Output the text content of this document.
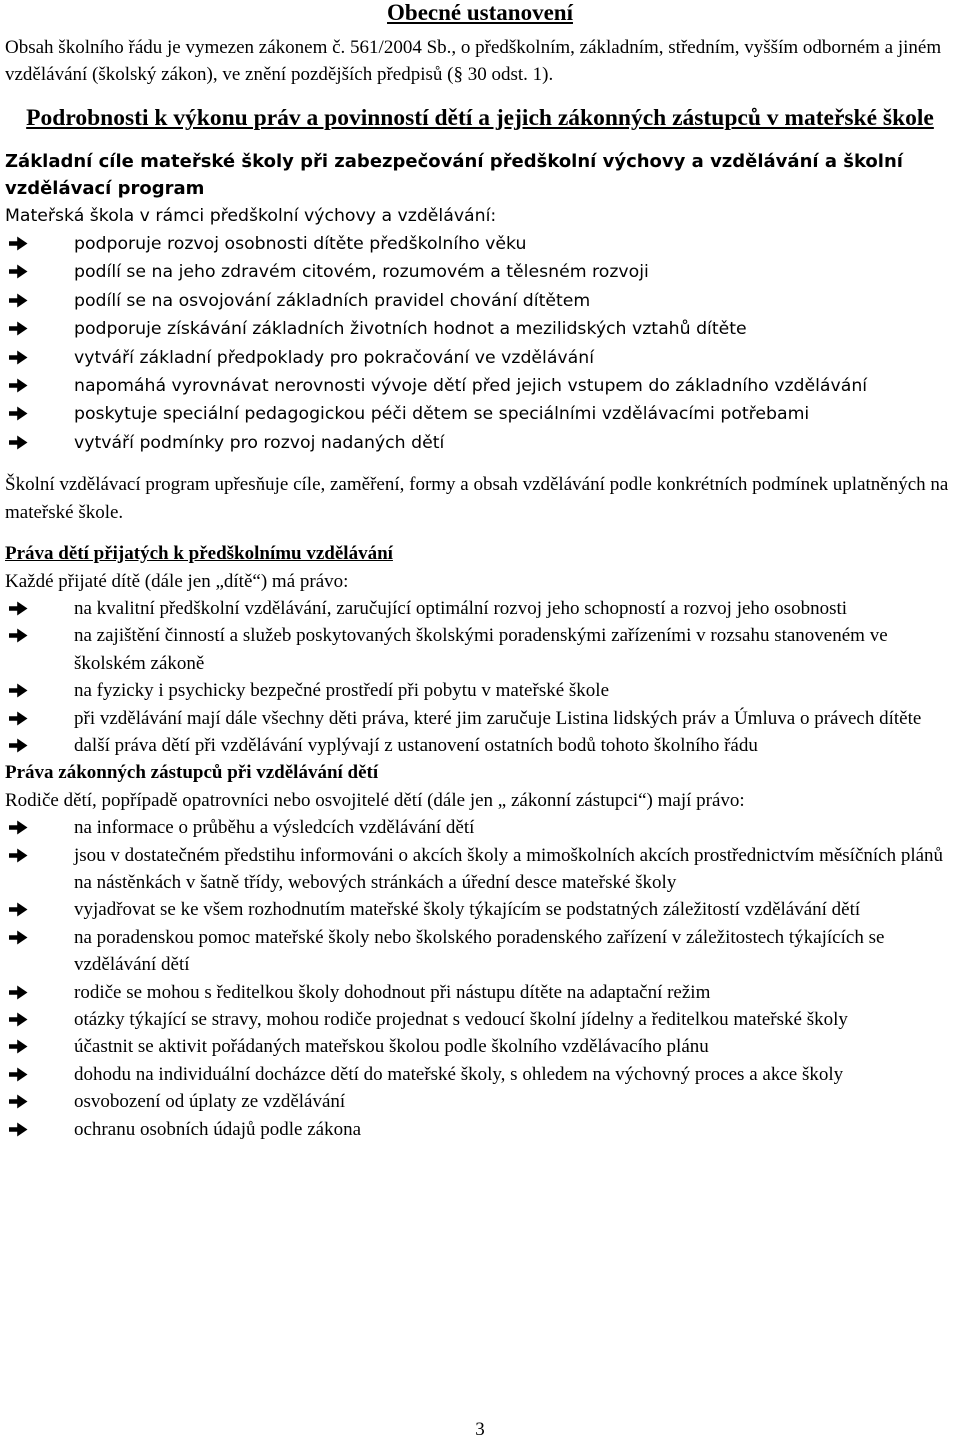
Obecné ustanovení

Obsah školního řádu je vymezen zákonem č. 561/2004 Sb., o předškolním, základním, středním, vyšším odborném a jiném vzdělávání (školský zákon), ve znění pozdějších předpisů (§ 30 odst. 1).

Podrobnosti k výkonu práv a povinností dětí a jejich zákonných zástupců v mateřské škole

Základní cíle mateřské školy při zabezpečování předškolní výchovy a vzdělávání a školní vzdělávací program

Mateřská škola v rámci předškolní výchovy a vzdělávání:

podporuje rozvoj osobnosti dítěte předškolního věku
podílí se na jeho zdravém citovém, rozumovém a tělesném rozvoji
podílí se na osvojování základních pravidel chování dítětem
podporuje získávání základních životních hodnot a mezilidských vztahů dítěte
vytváří základní předpoklady pro pokračování ve vzdělávání
napomáhá vyrovnávat nerovnosti vývoje dětí před jejich vstupem do základního vzdělávání
poskytuje speciální pedagogickou péči dětem se speciálními vzdělávacími potřebami
vytváří podmínky pro rozvoj nadaných dětí

Školní vzdělávací program upřesňuje cíle, zaměření, formy a obsah vzdělávání podle konkrétních podmínek uplatněných na mateřské škole.

Práva dětí přijatých k předškolnímu vzdělávání

Každé přijaté dítě (dále jen „dítě“) má právo:

na kvalitní předškolní vzdělávání, zaručující optimální rozvoj jeho schopností a rozvoj jeho osobnosti
na zajištění činností a služeb poskytovaných školskými poradenskými zařízeními v rozsahu stanoveném ve školském zákoně
na fyzicky i psychicky bezpečné prostředí při pobytu v mateřské škole
při vzdělávání mají dále všechny děti práva, které jim zaručuje Listina lidských práv a Úmluva o právech dítěte
další práva dětí při vzdělávání vyplývají z ustanovení ostatních bodů tohoto školního řádu

Práva zákonných zástupců při vzdělávání dětí

Rodiče dětí, popřípadě opatrovníci nebo osvojitelé dětí (dále jen „ zákonní zástupci“) mají právo:

na informace o průběhu a výsledcích vzdělávání dětí
jsou v dostatečném předstihu informováni o akcích školy a mimoškolních akcích prostřednictvím měsíčních plánů na nástěnkách v šatně třídy, webových stránkách a úřední desce mateřské školy
vyjadřovat se ke všem rozhodnutím mateřské školy týkajícím se podstatných záležitostí vzdělávání dětí
na poradenskou pomoc mateřské školy nebo školského poradenského zařízení v záležitostech týkajících se vzdělávání dětí
rodiče se mohou s ředitelkou školy dohodnout při nástupu dítěte na adaptační režim
otázky týkající se stravy, mohou rodiče projednat s vedoucí školní jídelny a ředitelkou mateřské školy
účastnit se aktivit pořádaných mateřskou školou podle školního vzdělávacího plánu
dohodu na individuální docházce dětí do mateřské školy, s ohledem na výchovný proces a akce školy
osvobození od úplaty ze vzdělávání
ochranu osobních údajů podle zákona
3
